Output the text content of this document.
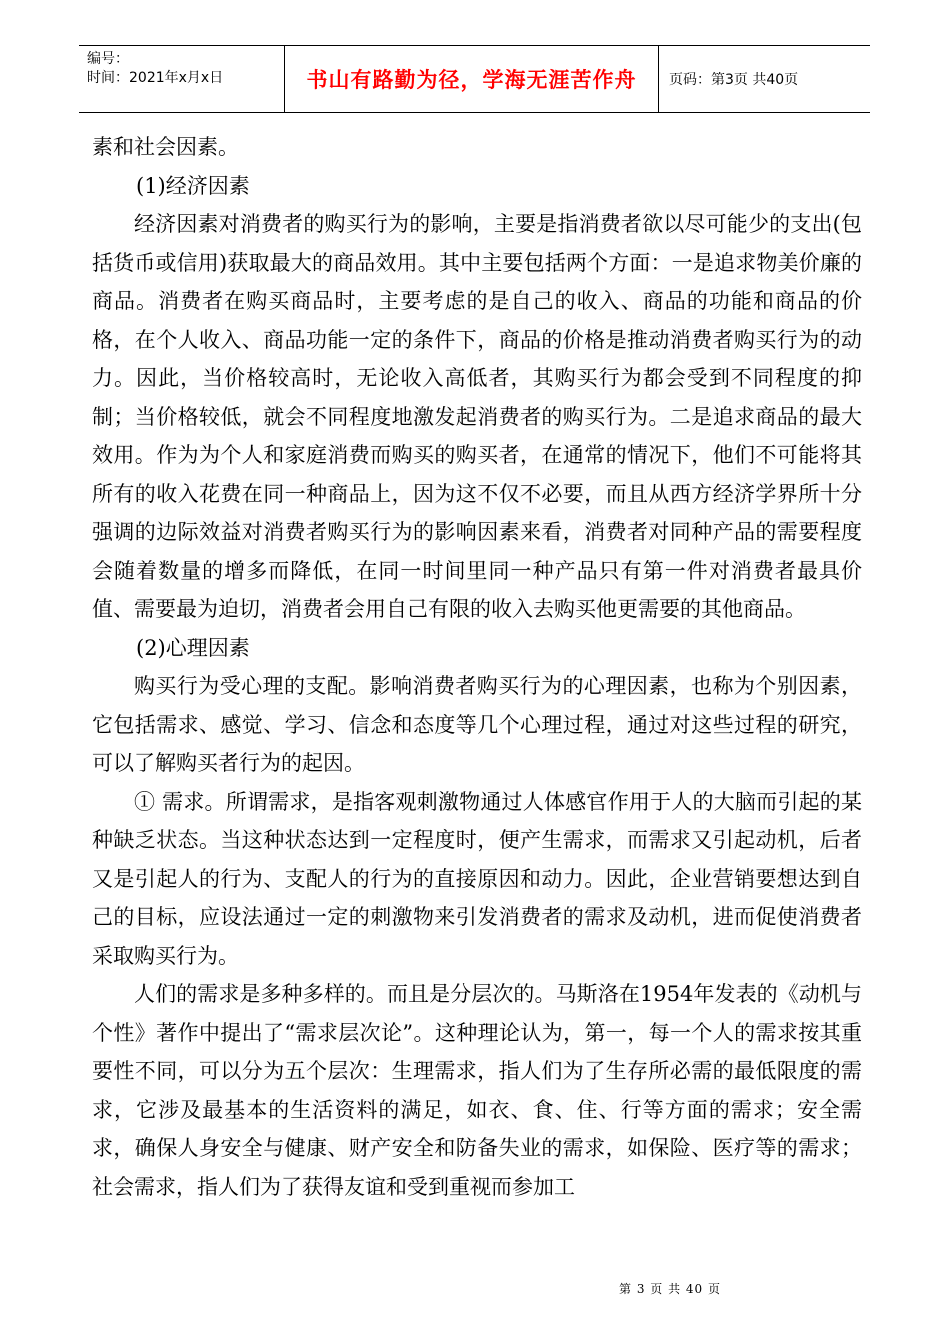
编号：
时间：2021年x月x日	书山有路勤为径，学海无涯苦作舟 页码：第3页 共40页

素和社会因素。

(1)经济因素

经济因素对消费者的购买行为的影响，主要是指消费者欲以尽可能少的支出(包括货币或信用)获取最大的商品效用。其中主要包括两个方面：一是追求物美价廉的商品。消费者在购买商品时，主要考虑的是自己的收入、商品的功能和商品的价格，在个人收入、商品功能一定的条件下，商品的价格是推动消费者购买行为的动力。因此，当价格较高时，无论收入高低者，其购买行为都会受到不同程度的抑制；当价格较低，就会不同程度地激发起消费者的购买行为。二是追求商品的最大效用。作为为个人和家庭消费而购买的购买者，在通常的情况下，他们不可能将其所有的收入花费在同一种商品上，因为这不仅不必要，而且从西方经济学界所十分强调的边际效益对消费者购买行为的影响因素来看，消费者对同种产品的需要程度会随着数量的增多而降低，在同一时间里同一种产品只有第一件对消费者最具价值、需要最为迫切，消费者会用自己有限的收入去购买他更需要的其他商品。

(2)心理因素

购买行为受心理的支配。影响消费者购买行为的心理因素，也称为个别因素，它包括需求、感觉、学习、信念和态度等几个心理过程，通过对这些过程的研究，可以了解购买者行为的起因。

① 需求。所谓需求，是指客观刺激物通过人体感官作用于人的大脑而引起的某种缺乏状态。当这种状态达到一定程度时，便产生需求，而需求又引起动机，后者又是引起人的行为、支配人的行为的直接原因和动力。因此，企业营销要想达到自己的目标，应设法通过一定的刺激物来引发消费者的需求及动机，进而促使消费者采取购买行为。

人们的需求是多种多样的。而且是分层次的。马斯洛在1954年发表的《动机与个性》著作中提出了“需求层次论”。这种理论认为，第一，每一个人的需求按其重要性不同，可以分为五个层次：生理需求，指人们为了生存所必需的最低限度的需求，它涉及最基本的生活资料的满足，如衣、食、住、行等方面的需求；安全需求，确保人身安全与健康、财产安全和防备失业的需求，如保险、医疗等的需求；社会需求，指人们为了获得友谊和受到重视而参加工

第 3 页 共 40 页
